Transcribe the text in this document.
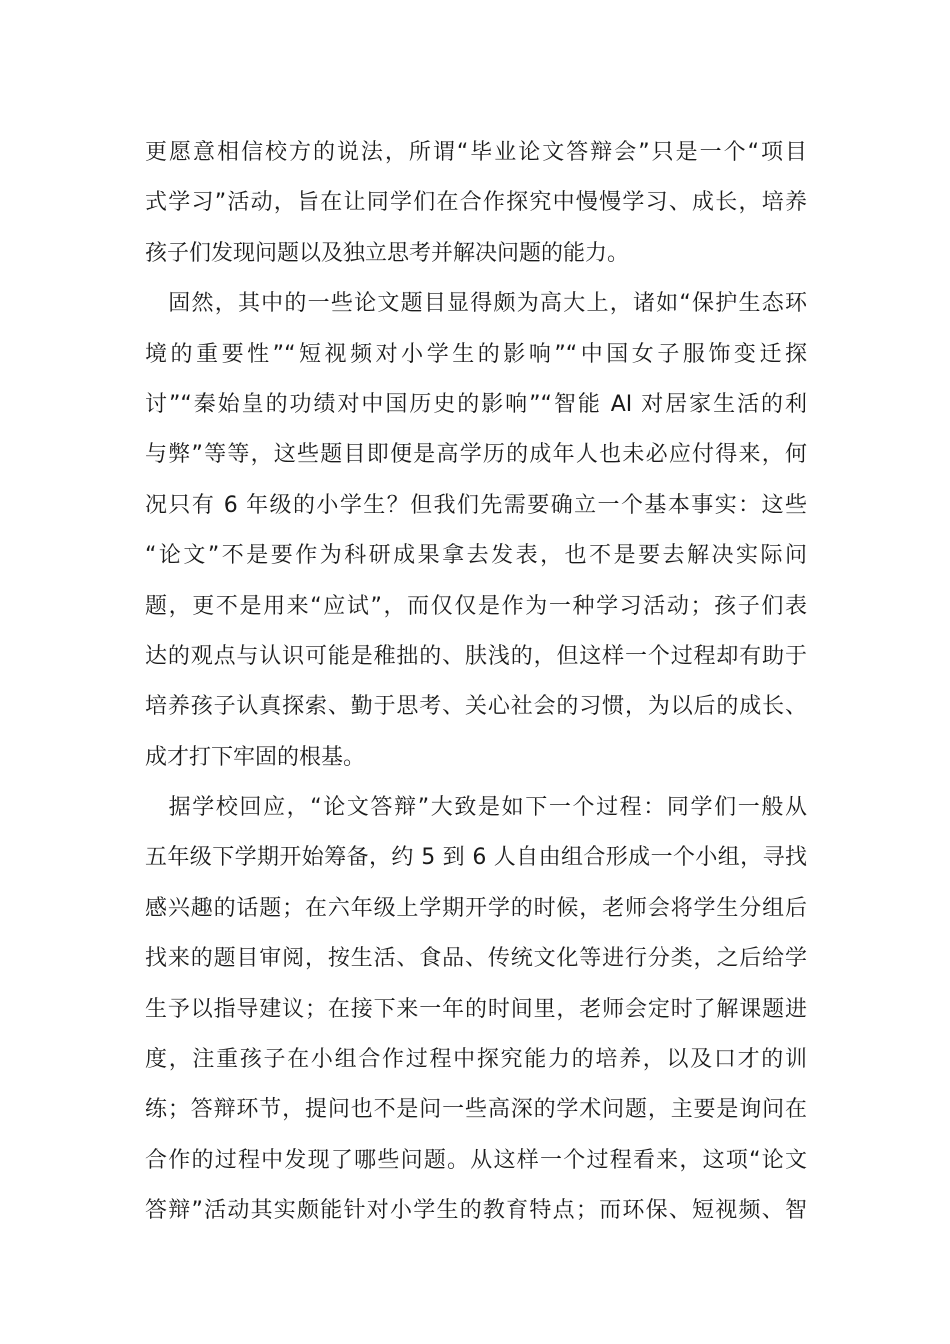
更愿意相信校方的说法，所谓“毕业论文答辩会”只是一个“项目
式学习”活动，旨在让同学们在合作探究中慢慢学习、成长，培养
孩子们发现问题以及独立思考并解决问题的能力。
　固然，其中的一些论文题目显得颇为高大上，诸如“保护生态环
境的重要性”“短视频对小学生的影响”“中国女子服饰变迁探
讨”“秦始皇的功绩对中国历史的影响”“智能 AI 对居家生活的利
与弊”等等，这些题目即便是高学历的成年人也未必应付得来，何
况只有 6 年级的小学生？但我们先需要确立一个基本事实：这些
“论文”不是要作为科研成果拿去发表，也不是要去解决实际问
题，更不是用来“应试”，而仅仅是作为一种学习活动；孩子们表
达的观点与认识可能是稚拙的、肤浅的，但这样一个过程却有助于
培养孩子认真探索、勤于思考、关心社会的习惯，为以后的成长、
成才打下牢固的根基。
　据学校回应，“论文答辩”大致是如下一个过程：同学们一般从
五年级下学期开始筹备，约 5 到 6 人自由组合形成一个小组，寻找
感兴趣的话题；在六年级上学期开学的时候，老师会将学生分组后
找来的题目审阅，按生活、食品、传统文化等进行分类，之后给学
生予以指导建议；在接下来一年的时间里，老师会定时了解课题进
度，注重孩子在小组合作过程中探究能力的培养，以及口才的训
练；答辩环节，提问也不是问一些高深的学术问题，主要是询问在
合作的过程中发现了哪些问题。从这样一个过程看来，这项“论文
答辩”活动其实颇能针对小学生的教育特点；而环保、短视频、智
